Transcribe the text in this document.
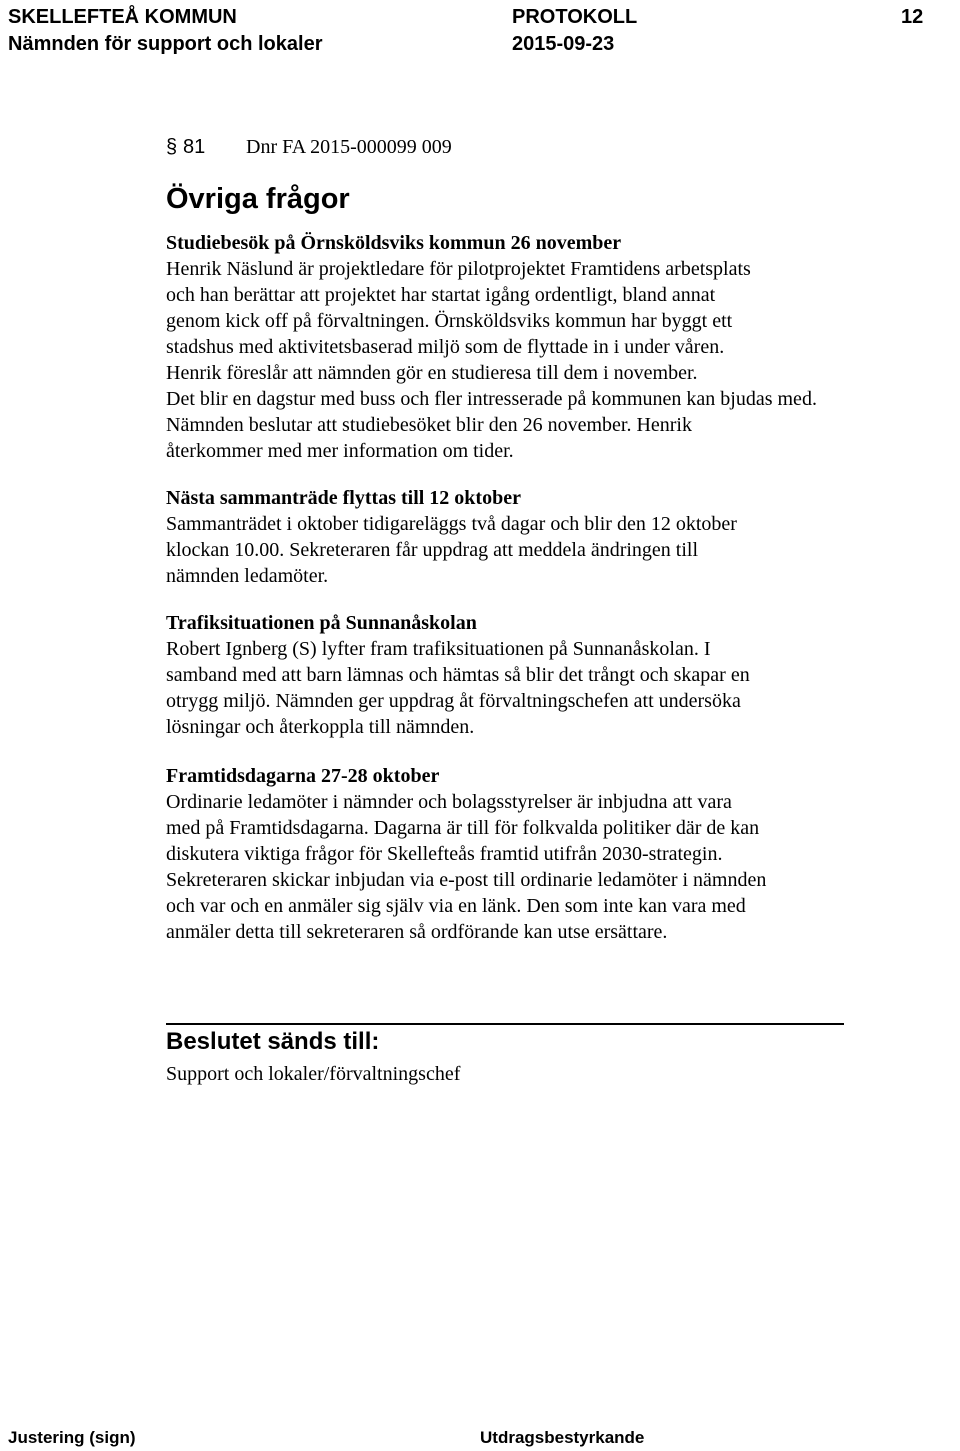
SKELLEFTEÅ KOMMUN	PROTOKOLL	12
Nämnden för support och lokaler	2015-09-23
§ 81 Dnr FA 2015-000099 009
Övriga frågor
Studiebesök på Örnsköldsviks kommun 26 november
Henrik Näslund är projektledare för pilotprojektet Framtidens arbetsplats
och han berättar att projektet har startat igång ordentligt, bland annat
genom kick off på förvaltningen. Örnsköldsviks kommun har byggt ett
stadshus med aktivitetsbaserad miljö som de flyttade in i under våren.
Henrik föreslår att nämnden gör en studieresa till dem i november.
Det blir en dagstur med buss och fler intresserade på kommunen kan bjudas med.
Nämnden beslutar att studiebesöket blir den 26 november. Henrik
återkommer med mer information om tider.
Nästa sammanträde flyttas till 12 oktober
Sammanträdet i oktober tidigareläggs två dagar och blir den 12 oktober
klockan 10.00. Sekreteraren får uppdrag att meddela ändringen till
nämnden ledamöter.
Trafiksituationen på Sunnanåskolan
Robert Ignberg (S) lyfter fram trafiksituationen på Sunnanåskolan. I
samband med att barn lämnas och hämtas så blir det trångt och skapar en
otrygg miljö. Nämnden ger uppdrag åt förvaltningschefen att undersöka
lösningar och återkoppla till nämnden.
Framtidsdagarna 27-28 oktober
Ordinarie ledamöter i nämnder och bolagsstyrelser är inbjudna att vara
med på Framtidsdagarna. Dagarna är till för folkvalda politiker där de kan
diskutera viktiga frågor för Skellefteås framtid utifrån 2030-strategin.
Sekreteraren skickar inbjudan via e-post till ordinarie ledamöter i nämnden
och var och en anmäler sig själv via en länk. Den som inte kan vara med
anmäler detta till sekreteraren så ordförande kan utse ersättare.
Beslutet sänds till:
Support och lokaler/förvaltningschef
Justering (sign)	Utdragsbestyrkande
